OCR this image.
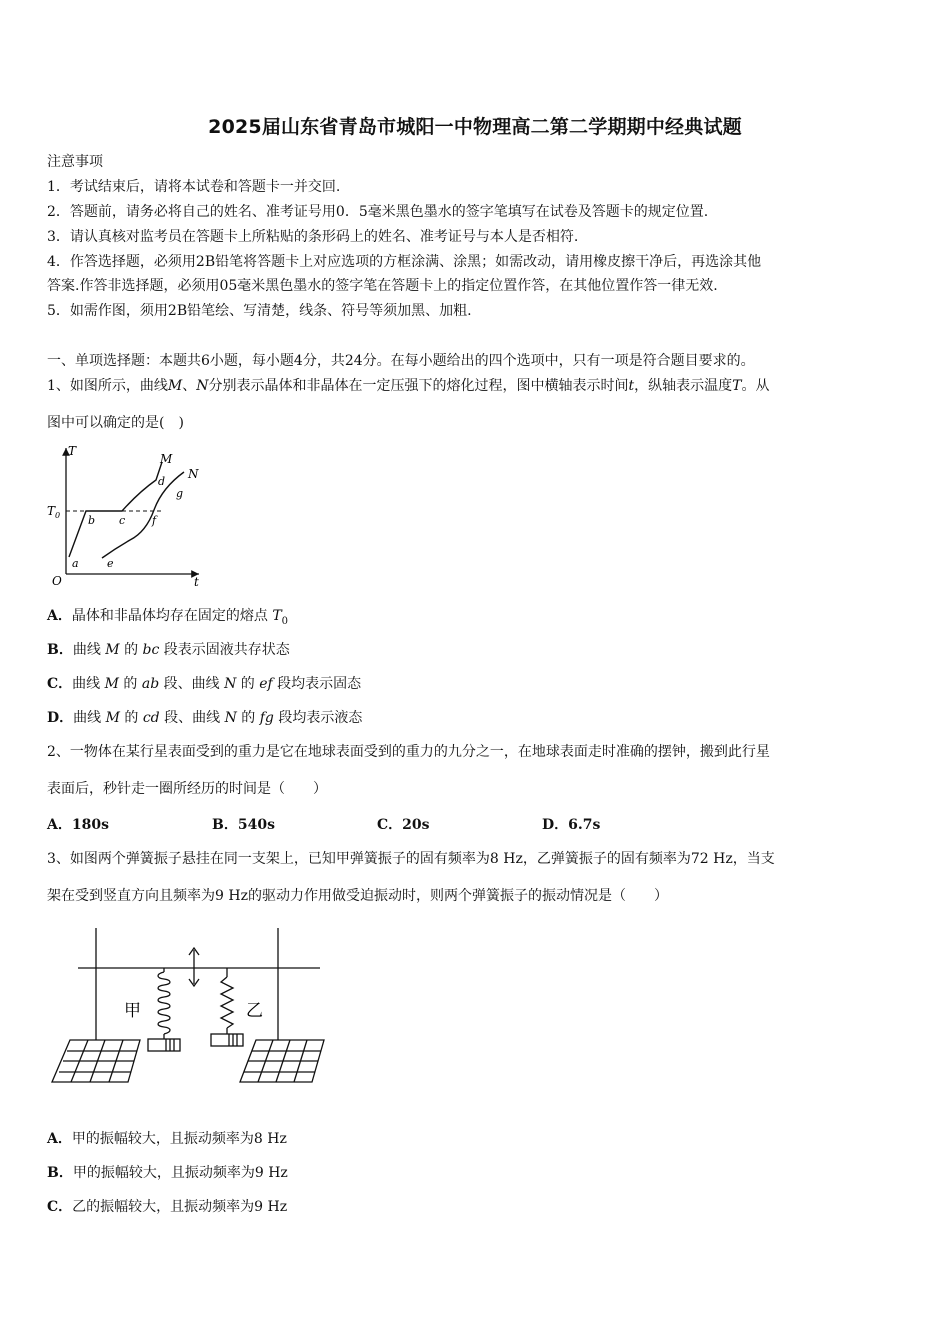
2025届山东省青岛市城阳一中物理高二第二学期期中经典试题
注意事项
1．考试结束后，请将本试卷和答题卡一并交回.
2．答题前，请务必将自己的姓名、准考证号用0．5毫米黑色墨水的签字笔填写在试卷及答题卡的规定位置.
3．请认真核对监考员在答题卡上所粘贴的条形码上的姓名、准考证号与本人是否相符.
4．作答选择题，必须用2B铅笔将答题卡上对应选项的方框涂满、涂黑；如需改动，请用橡皮擦干净后，再选涂其他
答案.作答非选择题，必须用05毫米黑色墨水的签字笔在答题卡上的指定位置作答，在其他位置作答一律无效.
5．如需作图，须用2B铅笔绘、写清楚，线条、符号等须加黑、加粗.
一、单项选择题：本题共6小题，每小题4分，共24分。在每小题给出的四个选项中，只有一项是符合题目要求的。
1、如图所示，曲线M、N分别表示晶体和非晶体在一定压强下的熔化过程，图中横轴表示时间t，纵轴表示温度T。从
图中可以确定的是(　)
T
$T_0$
O	t
M
N
a
b c
d
e
f
g
A．晶体和非晶体均存在固定的熔点 $T_0$
B．曲线 M 的 bc 段表示固液共存状态
C．曲线 M 的 ab 段、曲线 N 的 ef 段均表示固态
D．曲线 M 的 cd 段、曲线 N 的 fg 段均表示液态
2、一物体在某行星表面受到的重力是它在地球表面受到的重力的九分之一，在地球表面走时准确的摆钟，搬到此行星
表面后，秒针走一圈所经历的时间是（　　）
A．180s	B．540s	C．20s	D．6.7s
3、如图两个弹簧振子悬挂在同一支架上，已知甲弹簧振子的固有频率为8 Hz，乙弹簧振子的固有频率为72 Hz，当支
架在受到竖直方向且频率为9 Hz的驱动力作用做受迫振动时，则两个弹簧振子的振动情况是（　　）
甲	乙
A．甲的振幅较大，且振动频率为8 Hz
B．甲的振幅较大，且振动频率为9 Hz
C．乙的振幅较大，且振动频率为9 Hz
